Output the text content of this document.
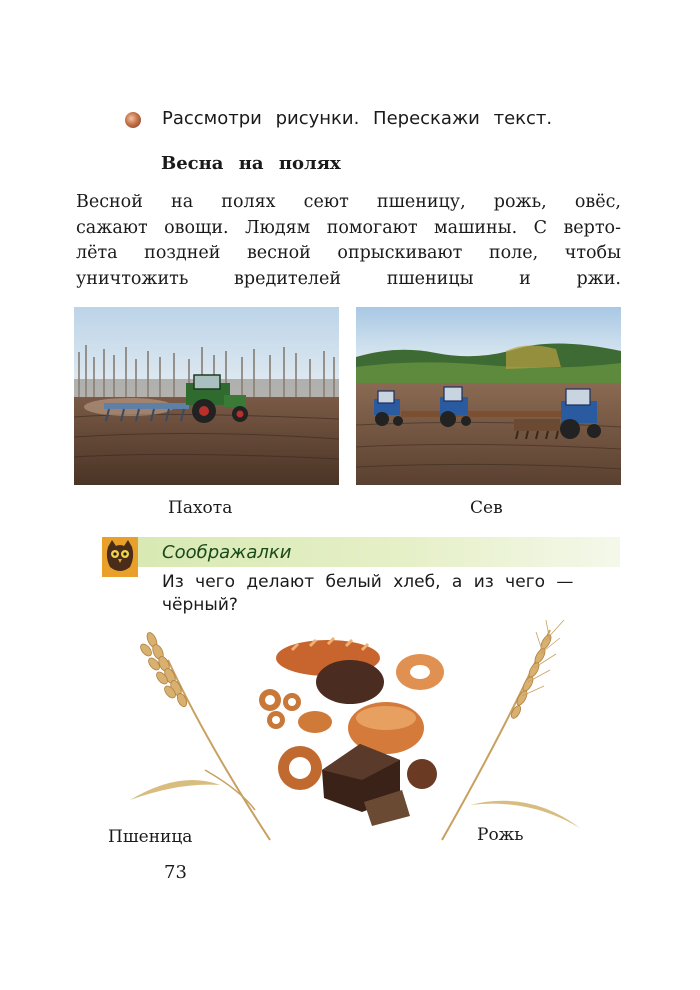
Рассмотри рисунки. Перескажи текст.
Весна на полях
Весной на полях сеют пшеницу, рожь, овёс,
сажают овощи. Людям помогают машины. С верто-
лёта поздней весной опрыскивают поле, чтобы
уничтожить вредителей пшеницы и ржи.
Пахота	Сев
Соображалки
Из чего делают белый хлеб, а из чего — чёрный?
Пшеница	Рожь
73
